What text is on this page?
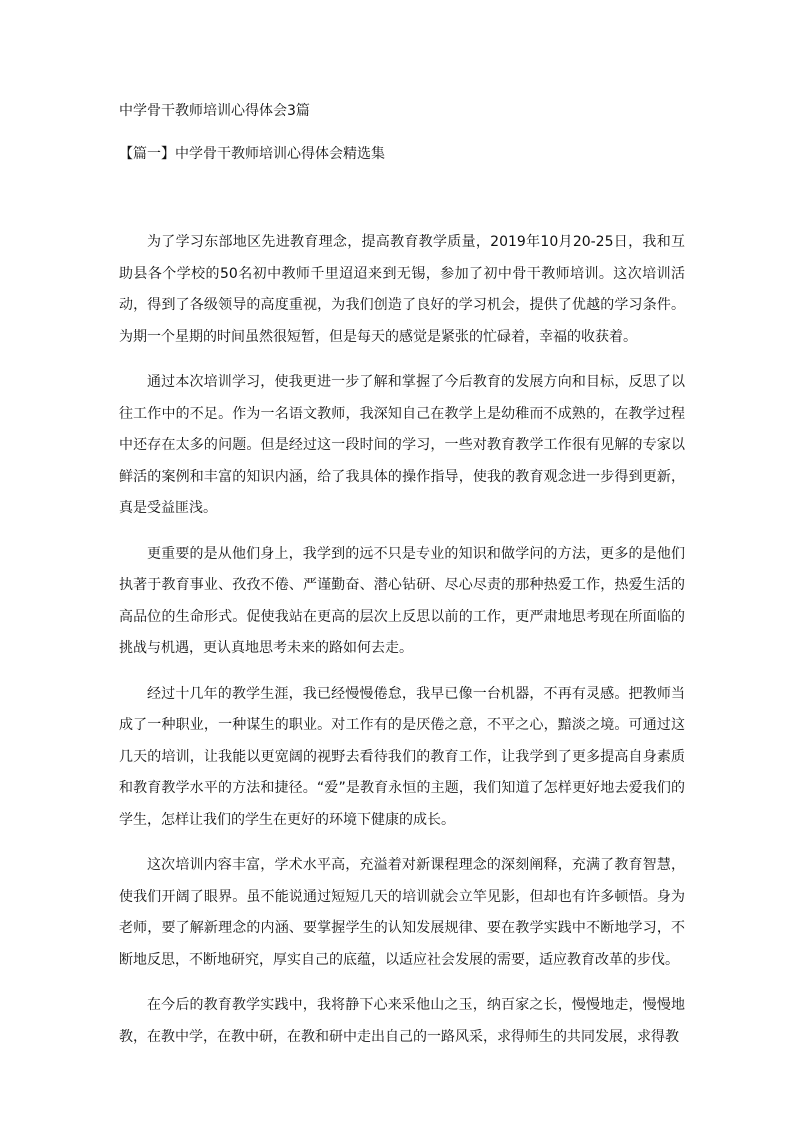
中学骨干教师培训心得体会3篇
【篇一】中学骨干教师培训心得体会精选集

为了学习东部地区先进教育理念，提高教育教学质量，2019年10月20-25日，我和互助县各个学校的50名初中教师千里迢迢来到无锡，参加了初中骨干教师培训。这次培训活动，得到了各级领导的高度重视，为我们创造了良好的学习机会，提供了优越的学习条件。为期一个星期的时间虽然很短暂，但是每天的感觉是紧张的忙碌着，幸福的收获着。

通过本次培训学习，使我更进一步了解和掌握了今后教育的发展方向和目标，反思了以往工作中的不足。作为一名语文教师，我深知自己在教学上是幼稚而不成熟的，在教学过程中还存在太多的问题。但是经过这一段时间的学习，一些对教育教学工作很有见解的专家以鲜活的案例和丰富的知识内涵，给了我具体的操作指导，使我的教育观念进一步得到更新，真是受益匪浅。

更重要的是从他们身上，我学到的远不只是专业的知识和做学问的方法，更多的是他们执著于教育事业、孜孜不倦、严谨勤奋、潜心钻研、尽心尽责的那种热爱工作，热爱生活的高品位的生命形式。促使我站在更高的层次上反思以前的工作，更严肃地思考现在所面临的挑战与机遇，更认真地思考未来的路如何去走。

经过十几年的教学生涯，我已经慢慢倦怠，我早已像一台机器，不再有灵感。把教师当成了一种职业，一种谋生的职业。对工作有的是厌倦之意，不平之心，黯淡之境。可通过这几天的培训，让我能以更宽阔的视野去看待我们的教育工作，让我学到了更多提高自身素质和教育教学水平的方法和捷径。“爱”是教育永恒的主题，我们知道了怎样更好地去爱我们的学生，怎样让我们的学生在更好的环境下健康的成长。

这次培训内容丰富，学术水平高，充溢着对新课程理念的深刻阐释，充满了教育智慧，使我们开阔了眼界。虽不能说通过短短几天的培训就会立竿见影，但却也有许多顿悟。身为老师，要了解新理念的内涵、要掌握学生的认知发展规律、要在教学实践中不断地学习，不断地反思，不断地研究，厚实自己的底蕴，以适应社会发展的需要，适应教育改革的步伐。

在今后的教育教学实践中，我将静下心来采他山之玉，纳百家之长，慢慢地走，慢慢地教，在教中学，在教中研，在教和研中走出自己的一路风采，求得师生的共同发展，求得教
